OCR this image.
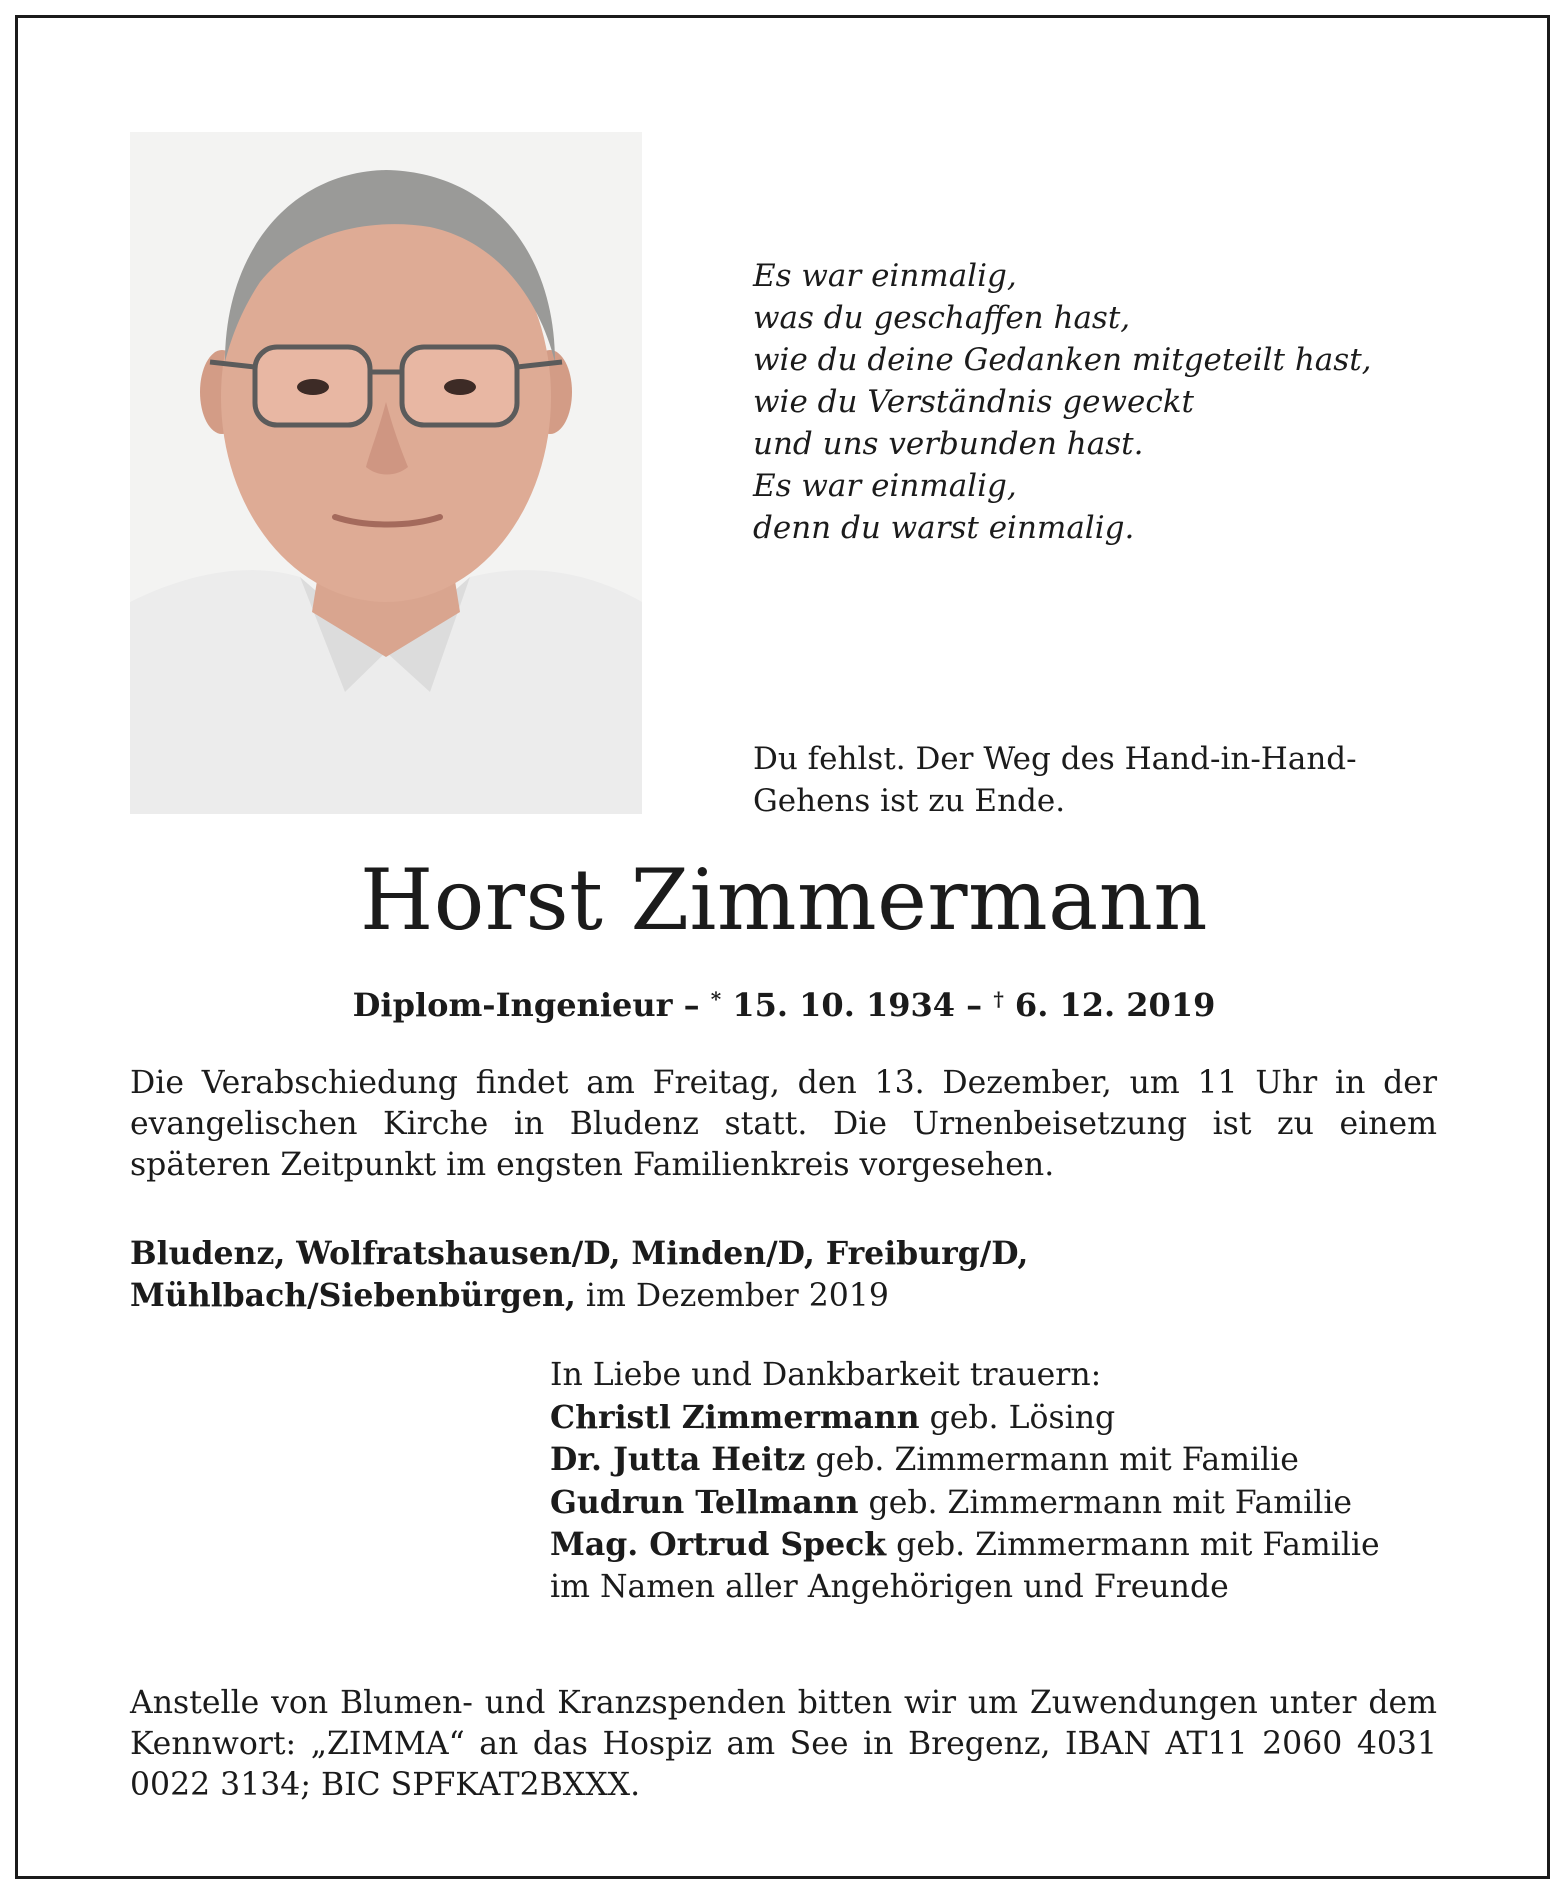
Es war einmalig,
was du geschaffen hast,
wie du deine Gedanken mitgeteilt hast,
wie du Verständnis geweckt
und uns verbunden hast.
Es war einmalig,
denn du warst einmalig.
Du fehlst. Der Weg des Hand-in-Hand-
Gehens ist zu Ende.
Horst Zimmermann
Diplom-Ingenieur – * 15. 10. 1934 – † 6. 12. 2019
Die Verabschiedung findet am Freitag, den 13. Dezember, um 11 Uhr in der evangelischen Kirche in Bludenz statt. Die Urnenbeisetzung ist zu einem späteren Zeitpunkt im engsten Familienkreis vorgesehen.
Bludenz, Wolfratshausen/D, Minden/D, Freiburg/D, Mühlbach/Siebenbürgen, im Dezember 2019
In Liebe und Dankbarkeit trauern:
Christl Zimmermann geb. Lösing
Dr. Jutta Heitz geb. Zimmermann mit Familie
Gudrun Tellmann geb. Zimmermann mit Familie
Mag. Ortrud Speck geb. Zimmermann mit Familie
im Namen aller Angehörigen und Freunde
Anstelle von Blumen- und Kranzspenden bitten wir um Zuwendungen unter dem Kennwort: „ZIMMA“ an das Hospiz am See in Bregenz, IBAN AT11 2060 4031 0022 3134; BIC SPFKAT2BXXX.
